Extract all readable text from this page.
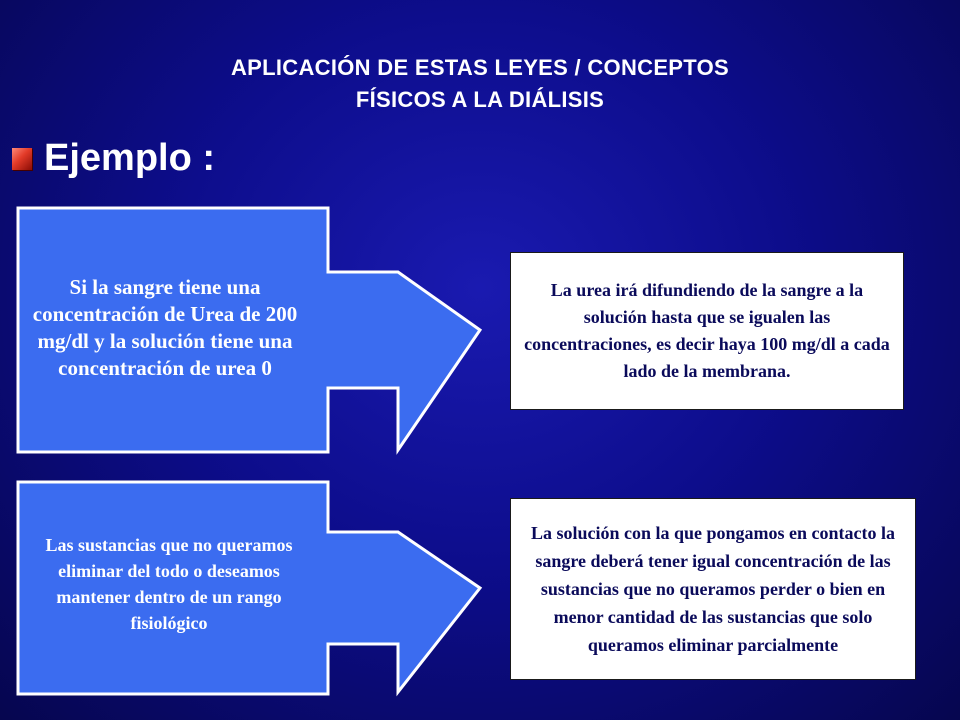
APLICACIÓN DE ESTAS LEYES / CONCEPTOS
FÍSICOS A LA DIÁLISIS
Ejemplo :
Si la sangre tiene una concentración de Urea de 200 mg/dl y la solución tiene una concentración de urea 0
La urea irá difundiendo de la sangre a la solución hasta que se igualen las concentraciones, es decir haya 100 mg/dl a cada lado de la membrana.
Las sustancias que no queramos eliminar del todo o deseamos mantener dentro de un rango fisiológico
La solución con la que pongamos en contacto la sangre deberá tener igual concentración de las sustancias que no queramos perder o bien en menor cantidad de las sustancias que solo queramos eliminar parcialmente
